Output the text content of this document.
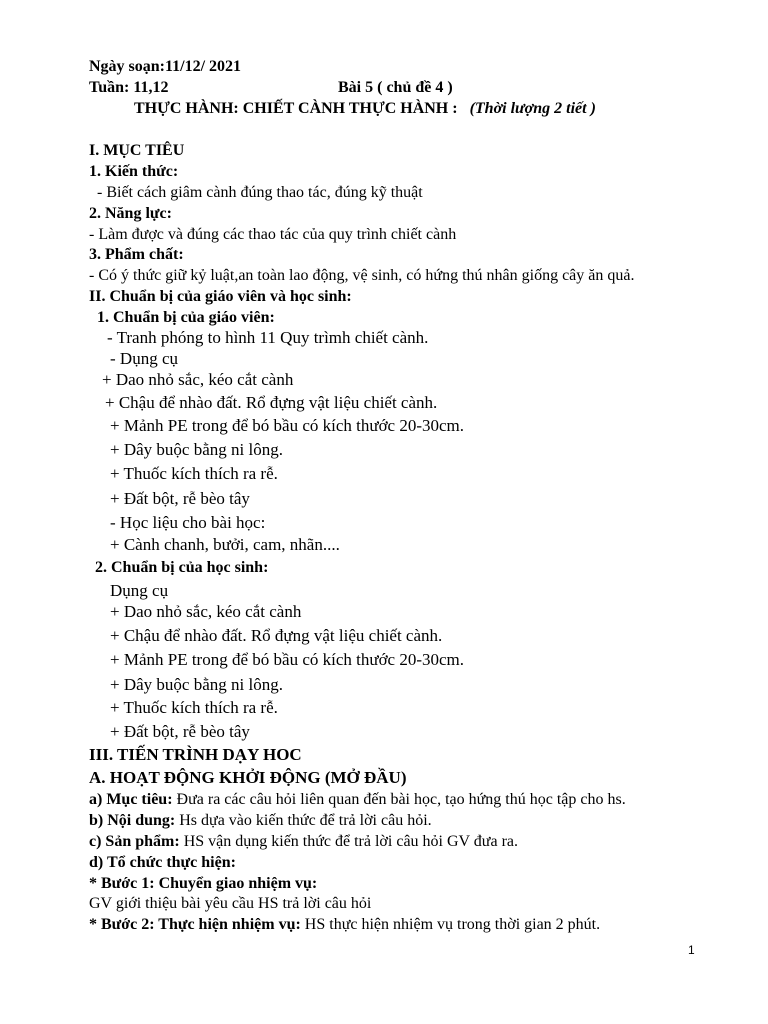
Ngày soạn:11/12/ 2021
Tuần: 11,12	Bài 5 ( chủ đề 4 )
THỰC HÀNH: CHIẾT CÀNH THỰC HÀNH : (Thời lượng 2 tiết )
I. MỤC TIÊU
1. Kiến thức:
- Biết cách giâm cành đúng thao tác, đúng kỹ thuật
2. Năng lực:
- Làm được và đúng các thao tác của quy trình chiết cành
3. Phẩm chất:
- Có ý thức giữ kỷ luật,an toàn lao động, vệ sinh, có hứng thú nhân giống cây ăn quả.
II. Chuẩn bị của giáo viên và học sinh:
1. Chuẩn bị của giáo viên:
- Tranh phóng to hình 11 Quy trìmh chiết cành.
- Dụng cụ
+ Dao nhỏ sắc, kéo cắt cành
+ Chậu để nhào đất. Rổ đựng vật liệu chiết cành.
+ Mảnh PE trong để bó bầu có kích thước 20-30cm.
+ Dây buộc bằng ni lông.
+ Thuốc kích thích ra rễ.
+ Đất bột, rễ bèo tây
- Học liệu cho bài học:
+ Cành chanh, bưởi, cam, nhãn....
2. Chuẩn bị của học sinh:
Dụng cụ
+ Dao nhỏ sắc, kéo cắt cành
+ Chậu để nhào đất. Rổ đựng vật liệu chiết cành.
+ Mảnh PE trong để bó bầu có kích thước 20-30cm.
+ Dây buộc bằng ni lông.
+ Thuốc kích thích ra rễ.
+ Đất bột, rễ bèo tây
III. TIẾN TRÌNH DẠY HOC
A. HOẠT ĐỘNG KHỞI ĐỘNG (MỞ ĐẦU)
a) Mục tiêu: Đưa ra các câu hỏi liên quan đến bài học, tạo hứng thú học tập cho hs.
b) Nội dung: Hs dựa vào kiến thức để trả lời câu hỏi.
c) Sản phẩm: HS vận dụng kiến thức để trả lời câu hỏi GV đưa ra.
d) Tổ chức thực hiện:
* Bước 1: Chuyển giao nhiệm vụ:
GV giới thiệu bài yêu cầu HS trả lời câu hỏi
* Bước 2: Thực hiện nhiệm vụ: HS thực hiện nhiệm vụ trong thời gian 2 phút.
1
